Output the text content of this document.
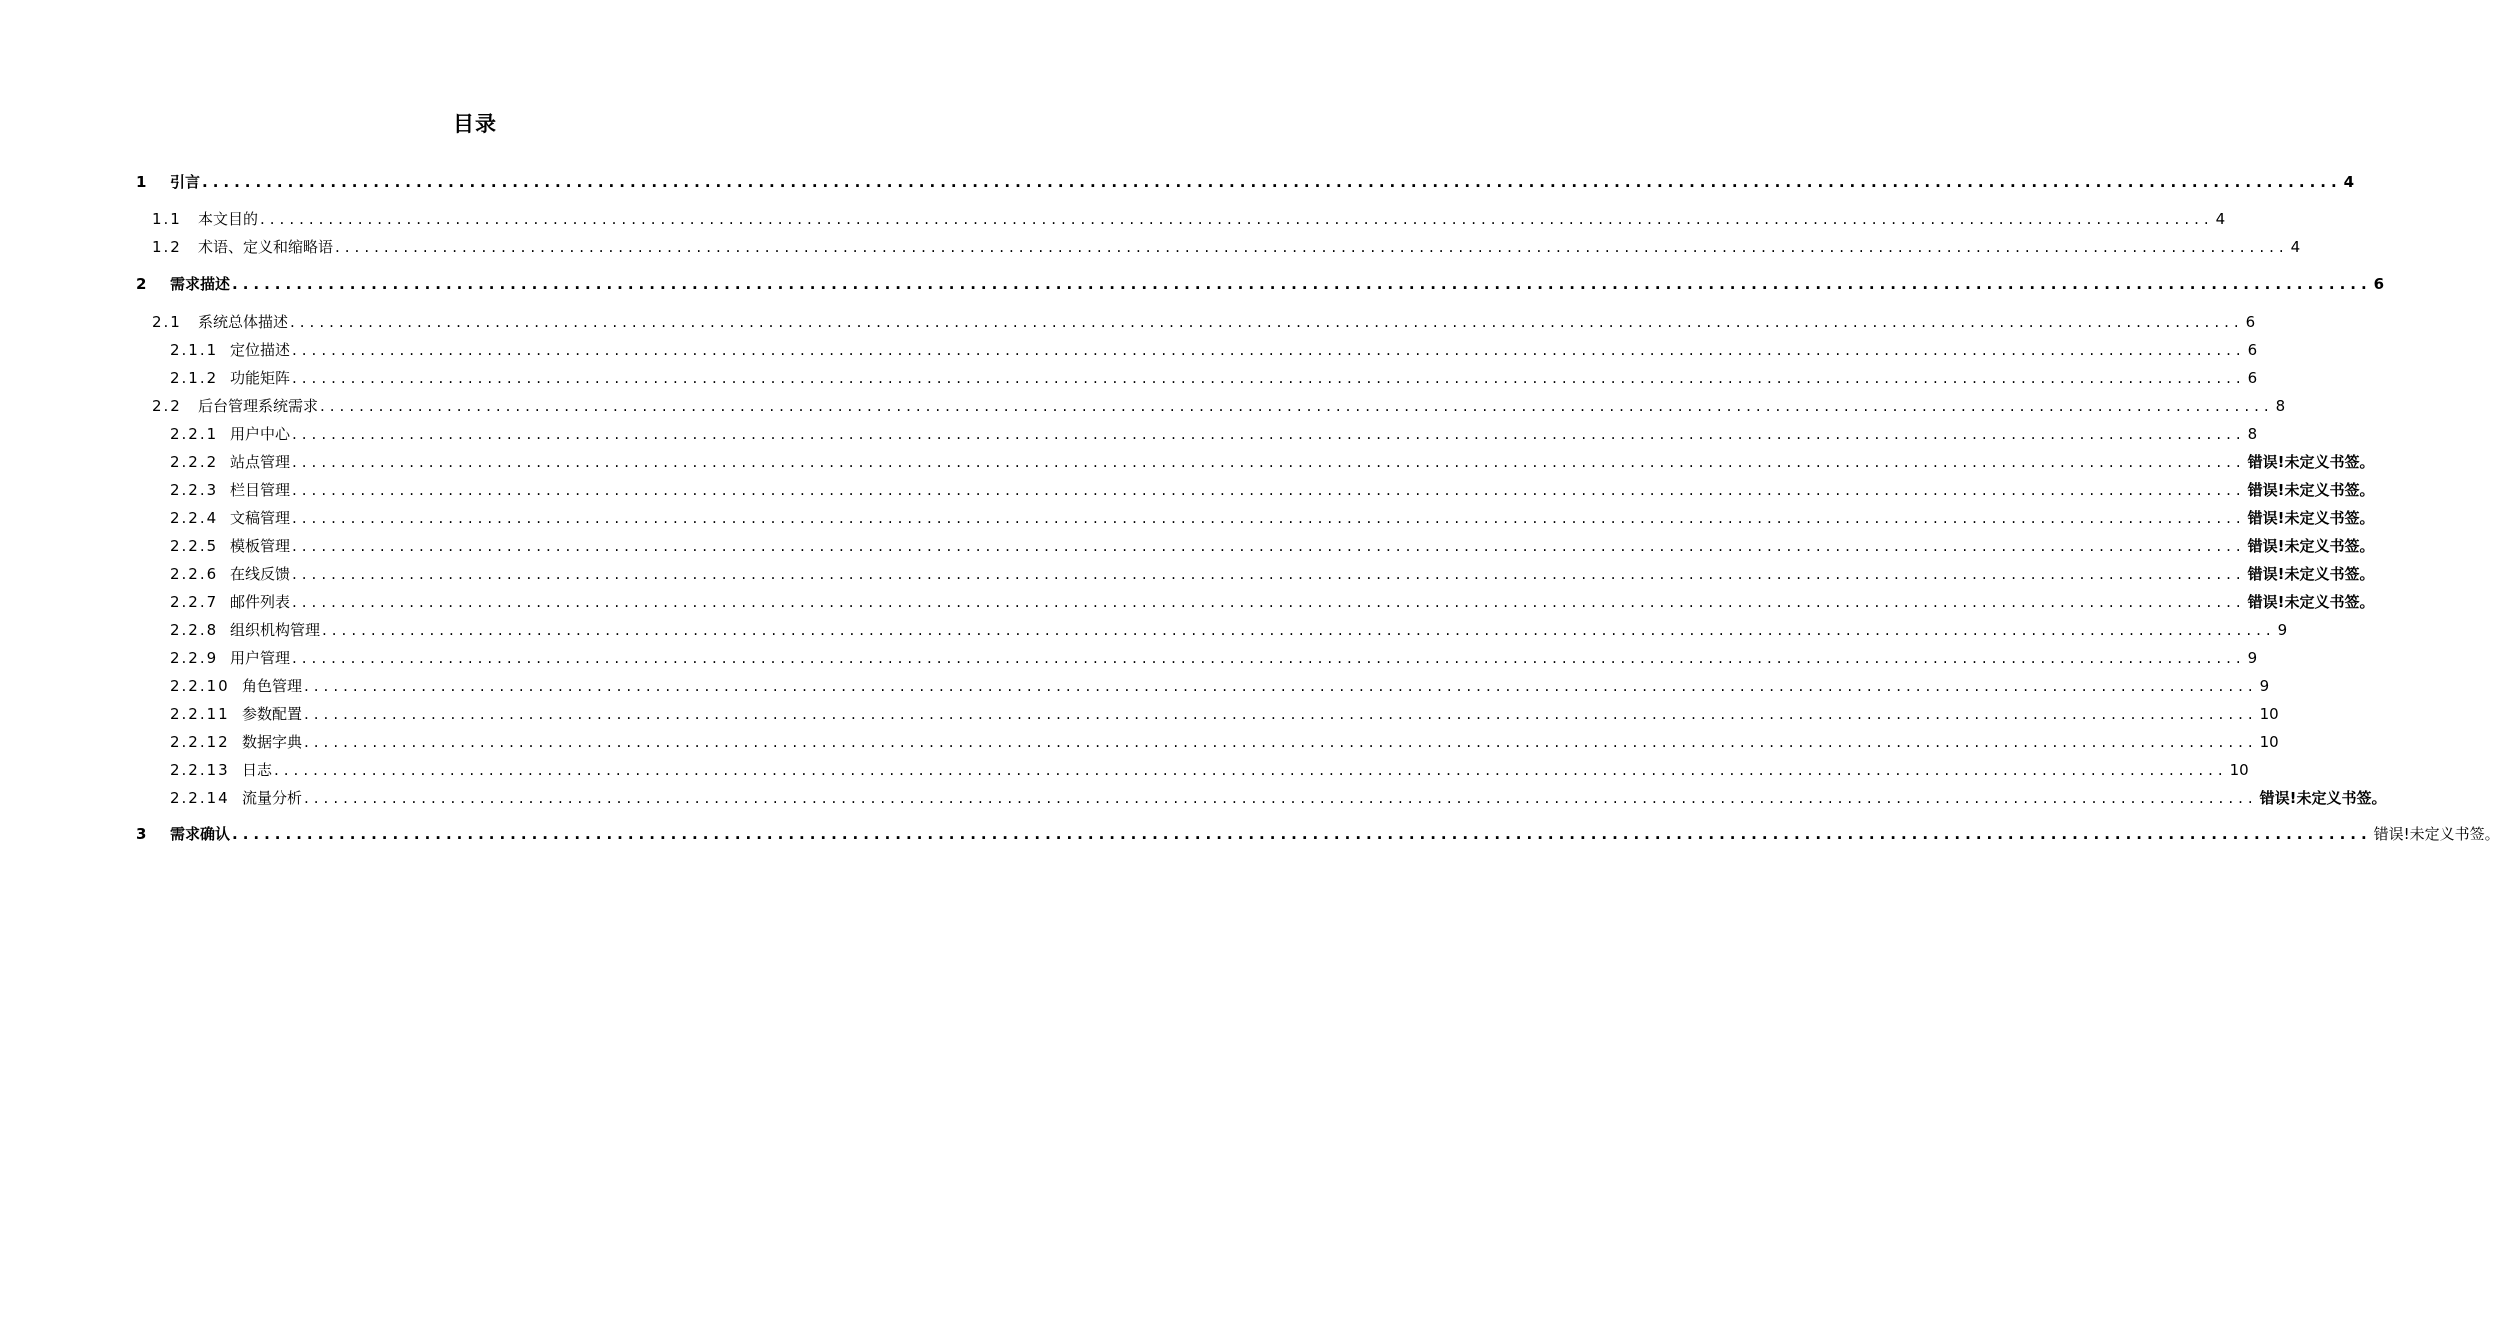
目录
1	引言 ........................................................................................................................................................................................................ 4
1.1	本文目的 ........................................................................................................................................................................................................ 4
1.2	术语、定义和缩略语 ........................................................................................................................................................................................................ 4
2	需求描述 ........................................................................................................................................................................................................ 6
2.1	系统总体描述 ........................................................................................................................................................................................................ 6
2.1.1 定位描述 ........................................................................................................................................................................................................ 6
2.1.2 功能矩阵 ........................................................................................................................................................................................................ 6
2.2	后台管理系统需求 ........................................................................................................................................................................................................ 8
2.2.1 用户中心 ........................................................................................................................................................................................................ 8
2.2.2 站点管理 ........................................................................................................................................................................................................ 错误!未定义书签。
2.2.3 栏目管理 ........................................................................................................................................................................................................ 错误!未定义书签。
2.2.4 文稿管理 ........................................................................................................................................................................................................ 错误!未定义书签。
2.2.5 模板管理 ........................................................................................................................................................................................................ 错误!未定义书签。
2.2.6 在线反馈 ........................................................................................................................................................................................................ 错误!未定义书签。
2.2.7 邮件列表 ........................................................................................................................................................................................................ 错误!未定义书签。
2.2.8 组织机构管理 ........................................................................................................................................................................................................ 9
2.2.9 用户管理 ........................................................................................................................................................................................................ 9
2.2.10 角色管理 ........................................................................................................................................................................................................ 9
2.2.11 参数配置 ........................................................................................................................................................................................................ 10
2.2.12 数据字典 ........................................................................................................................................................................................................ 10
2.2.13 日志 ........................................................................................................................................................................................................ 10
2.2.14 流量分析 ........................................................................................................................................................................................................ 错误!未定义书签。
3	需求确认 ........................................................................................................................................................................................................ 错误!未定义书签。
